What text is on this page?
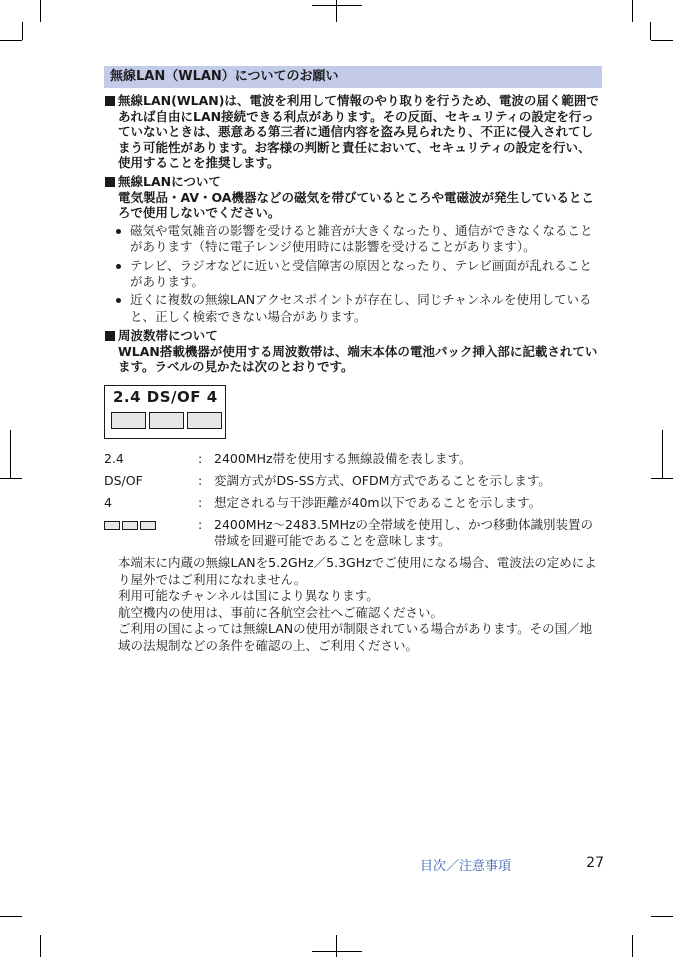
無線LAN（WLAN）についてのお願い
無線LAN(WLAN)は、電波を利用して情報のやり取りを行うため、電波の届く範囲であれば自由にLAN接続できる利点があります。その反面、セキュリティの設定を行っていないときは、悪意ある第三者に通信内容を盗み見られたり、不正に侵入されてしまう可能性があります。お客様の判断と責任において、セキュリティの設定を行い、使用することを推奨します。
無線LANについて
電気製品・AV・OA機器などの磁気を帯びているところや電磁波が発生しているところで使用しないでください。
磁気や電気雑音の影響を受けると雑音が大きくなったり、通信ができなくなることがあります（特に電子レンジ使用時には影響を受けることがあります）。
テレビ、ラジオなどに近いと受信障害の原因となったり、テレビ画面が乱れることがあります。
近くに複数の無線LANアクセスポイントが存在し、同じチャンネルを使用していると、正しく検索できない場合があります。
周波数帯について
WLAN搭載機器が使用する周波数帯は、端末本体の電池パック挿入部に記載されています。ラベルの見かたは次のとおりです。
2.4 DS/OF 4
2.4	: 2400MHz帯を使用する無線設備を表します。
DS/OF	: 変調方式がDS-SS方式、OFDM方式であることを示します。
4	: 想定される与干渉距離が40m以下であることを示します。
: 2400MHz～2483.5MHzの全帯域を使用し、かつ移動体識別装置の帯域を回避可能であることを意味します。

本端末に内蔵の無線LANを5.2GHz／5.3GHzでご使用になる場合、電波法の定めにより屋外ではご利用になれません。

利用可能なチャンネルは国により異なります。

航空機内の使用は、事前に各航空会社へご確認ください。

ご利用の国によっては無線LANの使用が制限されている場合があります。その国／地域の法規制などの条件を確認の上、ご利用ください。

目次／注意事項	27
